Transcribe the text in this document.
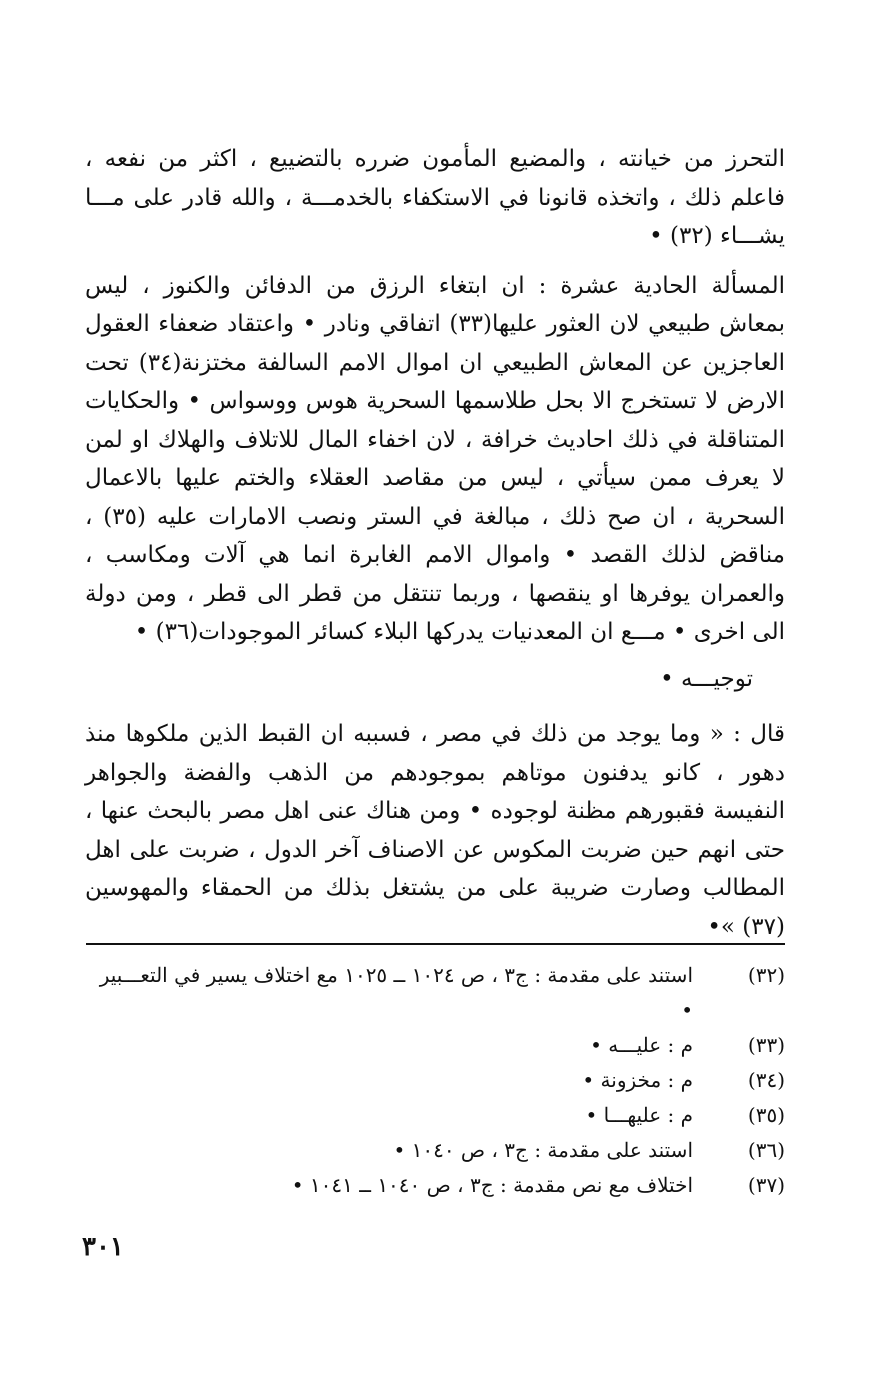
التحرز من خيانته ، والمضيع المأمون ضرره بالتضييع ، اكثر من نفعه ، فاعلم ذلك ، واتخذه قانونا في الاستكفاء بالخدمـــة ، والله قادر على مـــا يشـــاء (٣٢) •

المسألة الحادية عشرة : ان ابتغاء الرزق من الدفائن والكنوز ، ليس بمعاش طبيعي لان العثور عليها(٣٣) اتفاقي ونادر • واعتقاد ضعفاء العقول العاجزين عن المعاش الطبيعي ان اموال الامم السالفة مختزنة(٣٤) تحت الارض لا تستخرج الا بحل طلاسمها السحرية هوس ووسواس • والحكايات المتناقلة في ذلك احاديث خرافة ، لان اخفاء المال للاتلاف والهلاك او لمن لا يعرف ممن سيأتي ، ليس من مقاصد العقلاء والختم عليها بالاعمال السحرية ، ان صح ذلك ، مبالغة في الستر ونصب الامارات عليه (٣٥) ، مناقض لذلك القصد • واموال الامم الغابرة انما هي آلات ومكاسب ، والعمران يوفرها او ينقصها ، وربما تنتقل من قطر الى قطر ، ومن دولة الى اخرى • مـــع ان المعدنيات يدركها البلاء كسائر الموجودات(٣٦) •

توجيـــه •

قال : « وما يوجد من ذلك في مصر ، فسببه ان القبط الذين ملكوها منذ دهور ، كانو يدفنون موتاهم بموجودهم من الذهب والفضة والجواهر النفيسة فقبورهم مظنة لوجوده • ومن هناك عنى اهل مصر بالبحث عنها ، حتى انهم حين ضربت المكوس عن الاصناف آخر الدول ، ضربت على اهل المطالب وصارت ضريبة على من يشتغل بذلك من الحمقاء والمهوسين (٣٧) »•

(٣٢)
استند على مقدمة : ج٣ ، ص ١٠٢٤ ــ ١٠٢٥ مع اختلاف يسير في التعـــبير •
(٣٣)
م : عليـــه •
(٣٤)
م : مخزونة •
(٣٥)
م : عليهـــا •
(٣٦)
استند على مقدمة : ج٣ ، ص ١٠٤٠ •
(٣٧)
اختلاف مع نص مقدمة : ج٣ ، ص ١٠٤٠ ــ ١٠٤١ •
٣٠١
